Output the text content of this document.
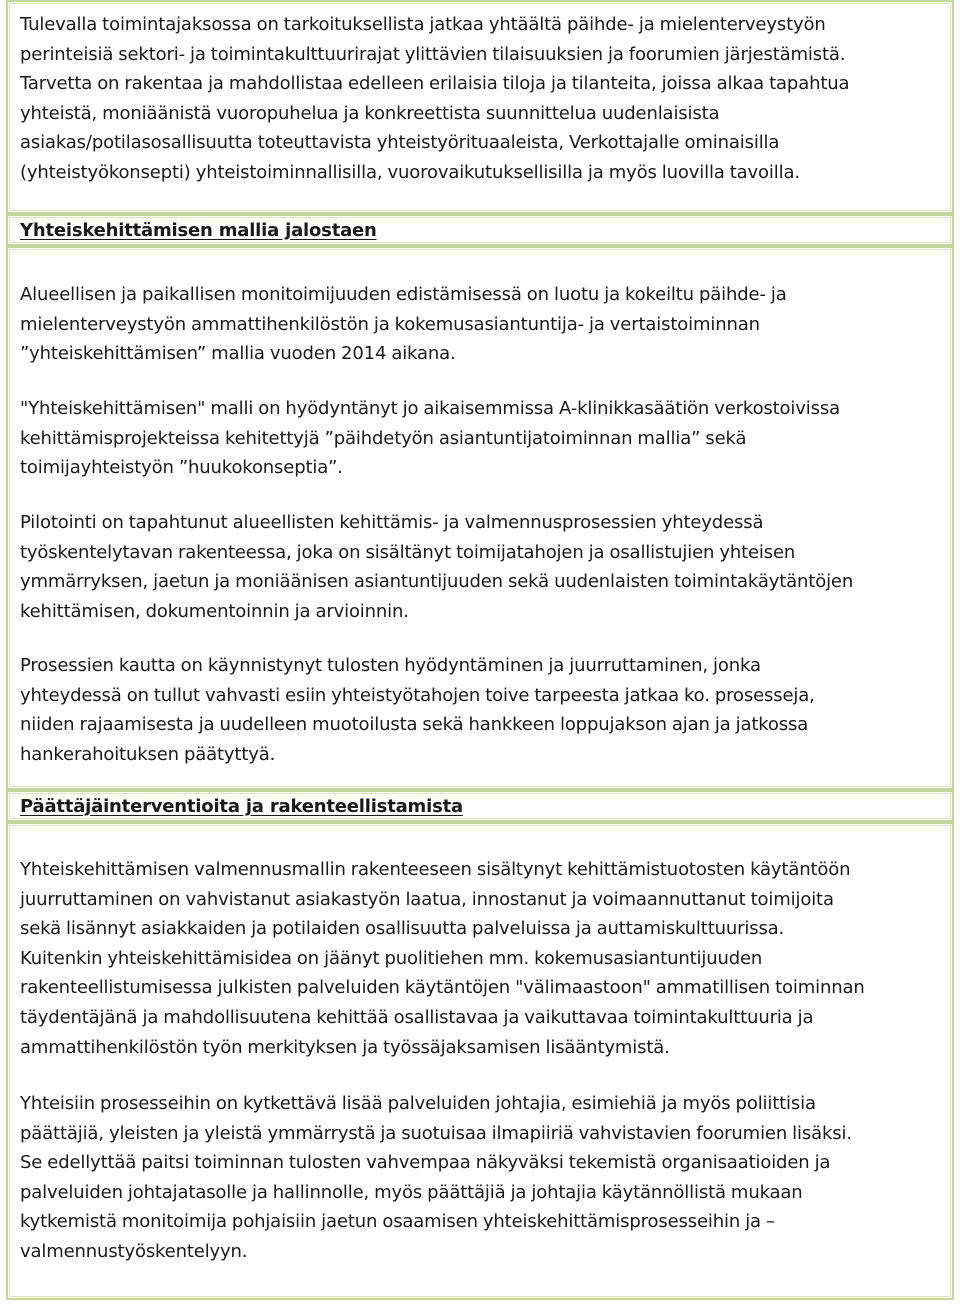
Tulevalla toimintajaksossa on tarkoituksellista jatkaa yhtäältä päihde- ja mielenterveystyön
perinteisiä sektori- ja toimintakulttuurirajat ylittävien tilaisuuksien ja foorumien järjestämistä.
Tarvetta on rakentaa ja mahdollistaa edelleen erilaisia tiloja ja tilanteita, joissa alkaa tapahtua
yhteistä, moniäänistä vuoropuhelua ja konkreettista suunnittelua uudenlaisista
asiakas/potilasosallisuutta toteuttavista yhteistyörituaaleista, Verkottajalle ominaisilla
(yhteistyökonsepti) yhteistoiminnallisilla, vuorovaikutuksellisilla ja myös luovilla tavoilla.

Yhteiskehittämisen mallia jalostaen

Alueellisen ja paikallisen monitoimijuuden edistämisessä on luotu ja kokeiltu päihde- ja
mielenterveystyön ammattihenkilöstön ja kokemusasiantuntija- ja vertaistoiminnan
”yhteiskehittämisen” mallia vuoden 2014 aikana.

"Yhteiskehittämisen" malli on hyödyntänyt jo aikaisemmissa A-klinikkasäätiön verkostoivissa
kehittämisprojekteissa kehitettyjä ”päihdetyön asiantuntijatoiminnan mallia” sekä
toimijayhteistyön ”huukokonseptia”.

Pilotointi on tapahtunut alueellisten kehittämis- ja valmennusprosessien yhteydessä
työskentelytavan rakenteessa, joka on sisältänyt toimijatahojen ja osallistujien yhteisen
ymmärryksen, jaetun ja moniäänisen asiantuntijuuden sekä uudenlaisten toimintakäytäntöjen
kehittämisen, dokumentoinnin ja arvioinnin.

Prosessien kautta on käynnistynyt tulosten hyödyntäminen ja juurruttaminen, jonka
yhteydessä on tullut vahvasti esiin yhteistyötahojen toive tarpeesta jatkaa ko. prosesseja,
niiden rajaamisesta ja uudelleen muotoilusta sekä hankkeen loppujakson ajan ja jatkossa
hankerahoituksen päätyttyä.

Päättäjäinterventioita ja rakenteellistamista

Yhteiskehittämisen valmennusmallin rakenteeseen sisältynyt kehittämistuotosten käytäntöön
juurruttaminen on vahvistanut asiakastyön laatua, innostanut ja voimaannuttanut toimijoita
sekä lisännyt asiakkaiden ja potilaiden osallisuutta palveluissa ja auttamiskulttuurissa.
Kuitenkin yhteiskehittämisidea on jäänyt puolitiehen mm. kokemusasiantuntijuuden
rakenteellistumisessa julkisten palveluiden käytäntöjen "välimaastoon" ammatillisen toiminnan
täydentäjänä ja mahdollisuutena kehittää osallistavaa ja vaikuttavaa toimintakulttuuria ja
ammattihenkilöstön työn merkityksen ja työssäjaksamisen lisääntymistä.

Yhteisiin prosesseihin on kytkettävä lisää palveluiden johtajia, esimiehiä ja myös poliittisia
päättäjiä, yleisten ja yleistä ymmärrystä ja suotuisaa ilmapiiriä vahvistavien foorumien lisäksi.
Se edellyttää paitsi toiminnan tulosten vahvempaa näkyväksi tekemistä organisaatioiden ja
palveluiden johtajatasolle ja hallinnolle, myös päättäjiä ja johtajia käytännöllistä mukaan
kytkemistä monitoimija pohjaisiin jaetun osaamisen yhteiskehittämisprosesseihin ja –
valmennustyöskentelyyn.
